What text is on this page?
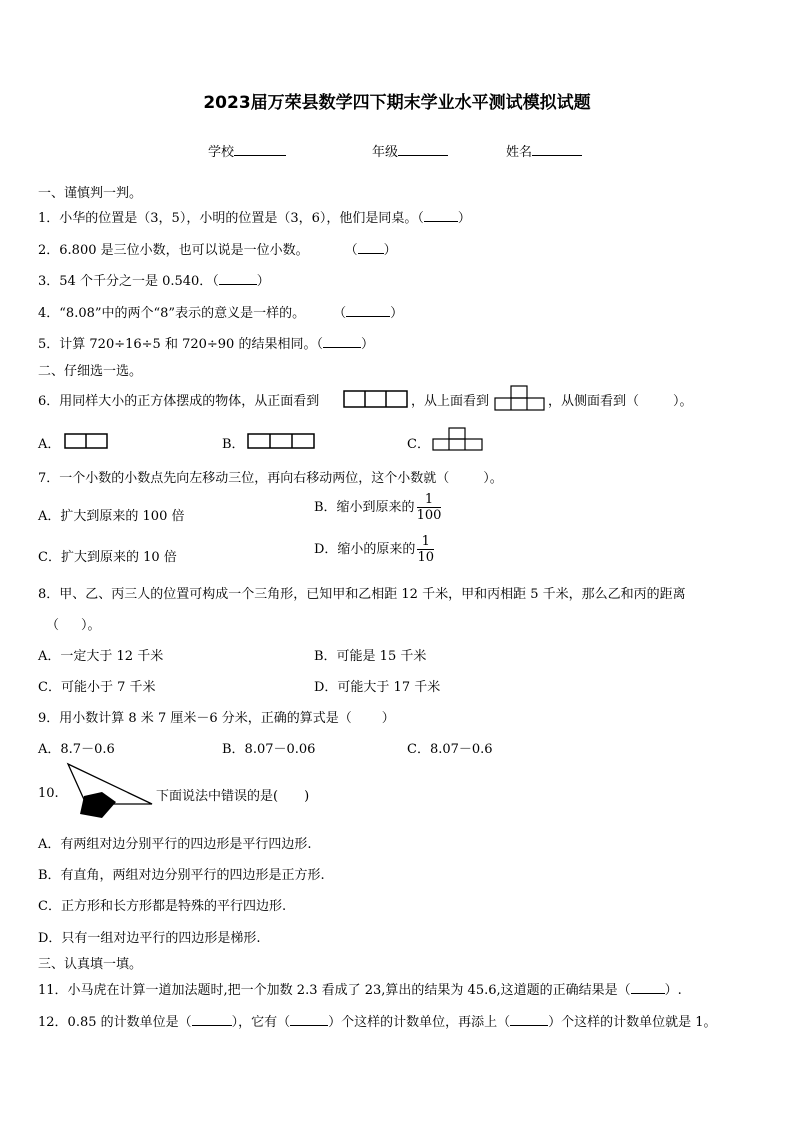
2023届万荣县数学四下期末学业水平测试模拟试题
学校	年级	姓名
一、谨慎判一判。
1．小华的位置是（3，5），小明的位置是（3，6），他们是同桌。（	）
2．6.800 是三位小数，也可以说是一位小数。	（ ）
3．54 个千分之一是 0.540．（	）
4．“8.08”中的两个“8”表示的意义是一样的。 （	）
5．计算 720÷16÷5 和 720÷90 的结果相同。（	）
二、仔细选一选。
6．用同样大小的正方体摆成的物体，从正面看到	，从上面看到	，从侧面看到（	）。
A．	B．	C．
7．一个小数的小数点先向左移动三位，再向右移动两位，这个小数就（	）。
A．扩大到原来的 100 倍
B．缩小到原来的 $\frac{1}{100}$
C．扩大到原来的 10 倍
D．缩小的原来的 $\frac{1}{10}$
8．甲、乙、丙三人的位置可构成一个三角形，已知甲和乙相距 12 千米，甲和丙相距 5 千米，那么乙和丙的距离
（ ）。
A．一定大于 12 千米	B．可能是 15 千米
C．可能小于 7 千米	D．可能大于 17 千米
9．用小数计算 8 米 7 厘米－6 分米，正确的算式是（ ）
A．8.7－0.6	B．8.07－0.06	C．8.07－0.6
10.	下面说法中错误的是( )
A．有两组对边分别平行的四边形是平行四边形.
B．有直角，两组对边分别平行的四边形是正方形.
C．正方形和长方形都是特殊的平行四边形.
D．只有一组对边平行的四边形是梯形.
三、认真填一填。
11．小马虎在计算一道加法题时,把一个加数 2.3 看成了 23,算出的结果为 45.6,这道题的正确结果是（	）.
12．0.85 的计数单位是（	），它有（	）个这样的计数单位，再添上（	）个这样的计数单位就是 1。
